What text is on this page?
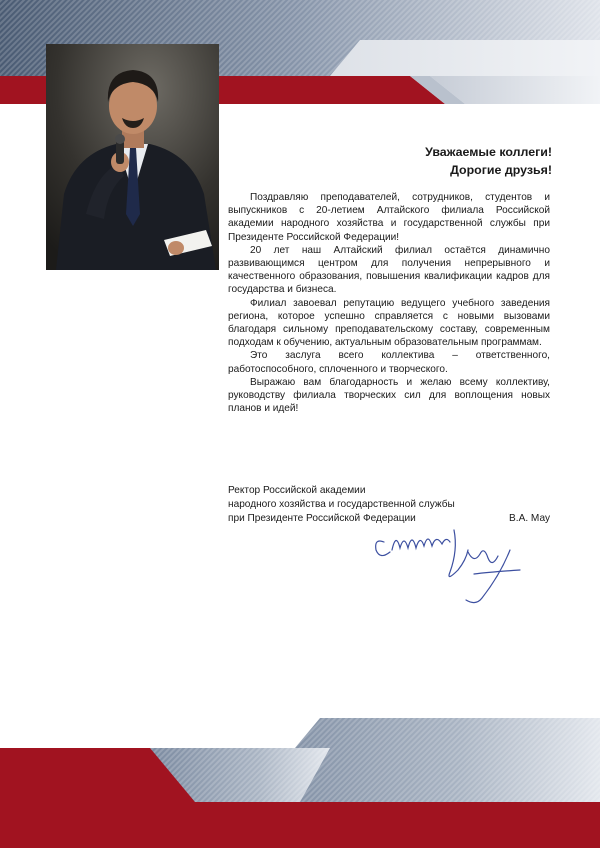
Уважаемые коллеги!
Дорогие друзья!

Поздравляю преподавателей, сотрудников, студентов и выпускников с 20-летием Алтайского филиала Российской академии народного хозяйства и государственной службы при Президенте Российской Федерации!

20 лет наш Алтайский филиал остаётся динамично развивающимся центром для получения непрерывного и качественного образования, повышения квалификации кадров для государства и бизнеса.

Филиал завоевал репутацию ведущего учебного заведения региона, которое успешно справляется с новыми вызовами благодаря сильному преподавательскому составу, современным подходам к обучению, актуальным образовательным программам.

Это заслуга всего коллектива – ответственного, работоспособного, сплоченного и творческого.

Выражаю вам благодарность и желаю всему коллективу, руководству филиала творческих сил для воплощения новых планов и идей!

Ректор Российской академии
народного хозяйства и государственной службы
при Президенте Российской Федерации	В.А. Мау
